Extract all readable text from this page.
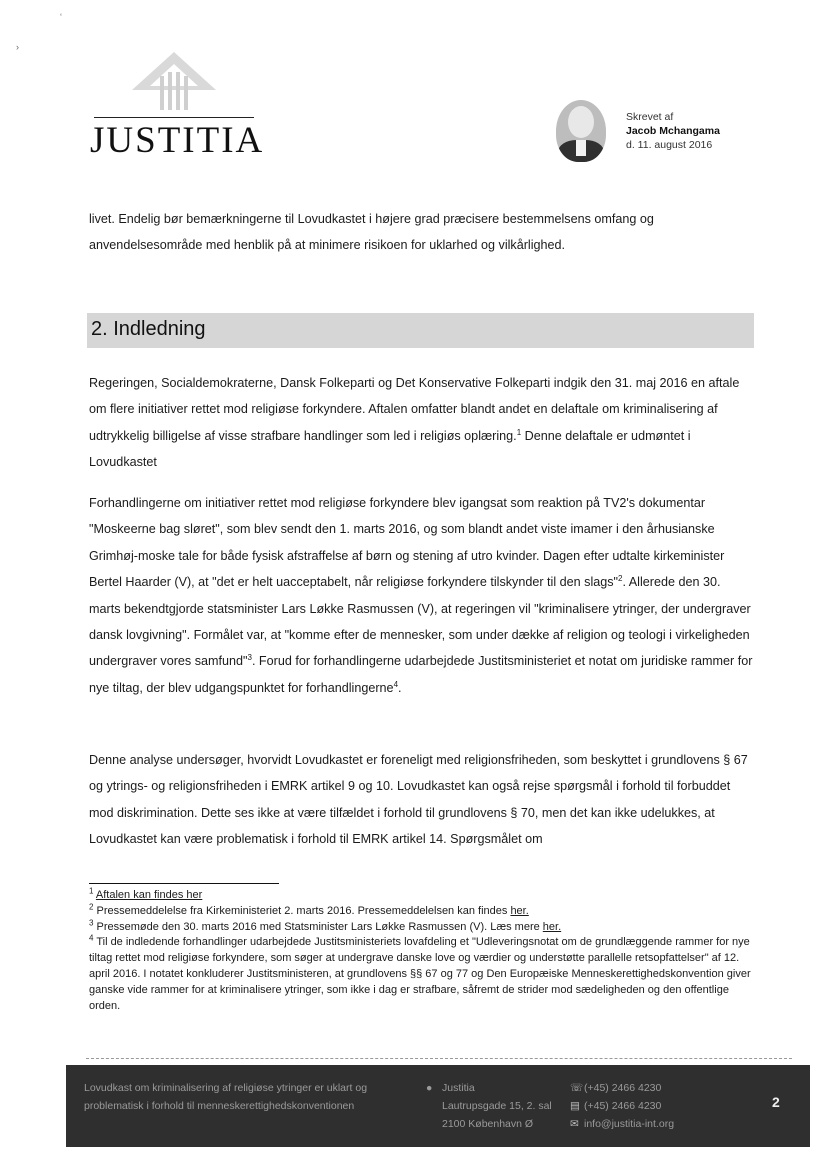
‘
›
JUSTITIA
Skrevet af
Jacob Mchangama
d. 11. august 2016
livet. Endelig bør bemærkningerne til Lovudkastet i højere grad præcisere bestemmelsens omfang og anvendelsesområde med henblik på at minimere risikoen for uklarhed og vilkårlighed.
2. Indledning
Regeringen, Socialdemokraterne, Dansk Folkeparti og Det Konservative Folkeparti indgik den 31. maj 2016 en aftale om flere initiativer rettet mod religiøse forkyndere. Aftalen omfatter blandt andet en delaftale om kriminalisering af udtrykkelig billigelse af visse strafbare handlinger som led i religiøs oplæring.$^1$ Denne delaftale er udmøntet i Lovudkastet
Forhandlingerne om initiativer rettet mod religiøse forkyndere blev igangsat som reaktion på TV2's dokumentar "Moskeerne bag sløret", som blev sendt den 1. marts 2016, og som blandt andet viste imamer i den århusianske Grimhøj-moske tale for både fysisk afstraffelse af børn og stening af utro kvinder. Dagen efter udtalte kirkeminister Bertel Haarder (V), at "det er helt uacceptabelt, når religiøse forkyndere tilskynder til den slags"$^2$. Allerede den 30. marts bekendtgjorde statsminister Lars Løkke Rasmussen (V), at regeringen vil "kriminalisere ytringer, der undergraver dansk lovgivning". Formålet var, at "komme efter de mennesker, som under dække af religion og teologi i virkeligheden undergraver vores samfund"$^3$. Forud for forhandlingerne udarbejdede Justitsministeriet et notat om juridiske rammer for nye tiltag, der blev udgangspunktet for forhandlingerne$^4$.
Denne analyse undersøger, hvorvidt Lovudkastet er foreneligt med religionsfriheden, som beskyttet i grundlovens § 67 og ytrings- og religionsfriheden i EMRK artikel 9 og 10. Lovudkastet kan også rejse spørgsmål i forhold til forbuddet mod diskrimination. Dette ses ikke at være tilfældet i forhold til grundlovens § 70, men det kan ikke udelukkes, at Lovudkastet kan være problematisk i forhold til EMRK artikel 14. Spørgsmålet om

$^1$ Aftalen kan findes her

$^2$ Pressemeddelelse fra Kirkeministeriet 2. marts 2016. Pressemeddelelsen kan findes her.

$^3$ Pressemøde den 30. marts 2016 med Statsminister Lars Løkke Rasmussen (V). Læs mere her.

$^4$ Til de indledende forhandlinger udarbejdede Justitsministeriets lovafdeling et "Udleveringsnotat om de grundlæggende rammer for nye tiltag rettet mod religiøse forkyndere, som søger at undergrave danske love og værdier og understøtte parallelle retsopfattelser" af 12. april 2016. I notatet konkluderer Justitsministeren, at grundlovens §§ 67 og 77 og Den Europæiske Menneskerettighedskonvention giver ganske vide rammer for at kriminalisere ytringer, som ikke i dag er strafbare, såfremt de strider mod sædeligheden og den offentlige orden.

Lovudkast om kriminalisering af religiøse ytringer er uklart og problematisk i forhold til menneskerettighedskonventionen
● Justitia
Lautrupsgade 15, 2. sal
2100 København Ø
☏(+45) 2466 4230
▤ (+45) 2466 4230
✉ info@justitia-int.org
2
